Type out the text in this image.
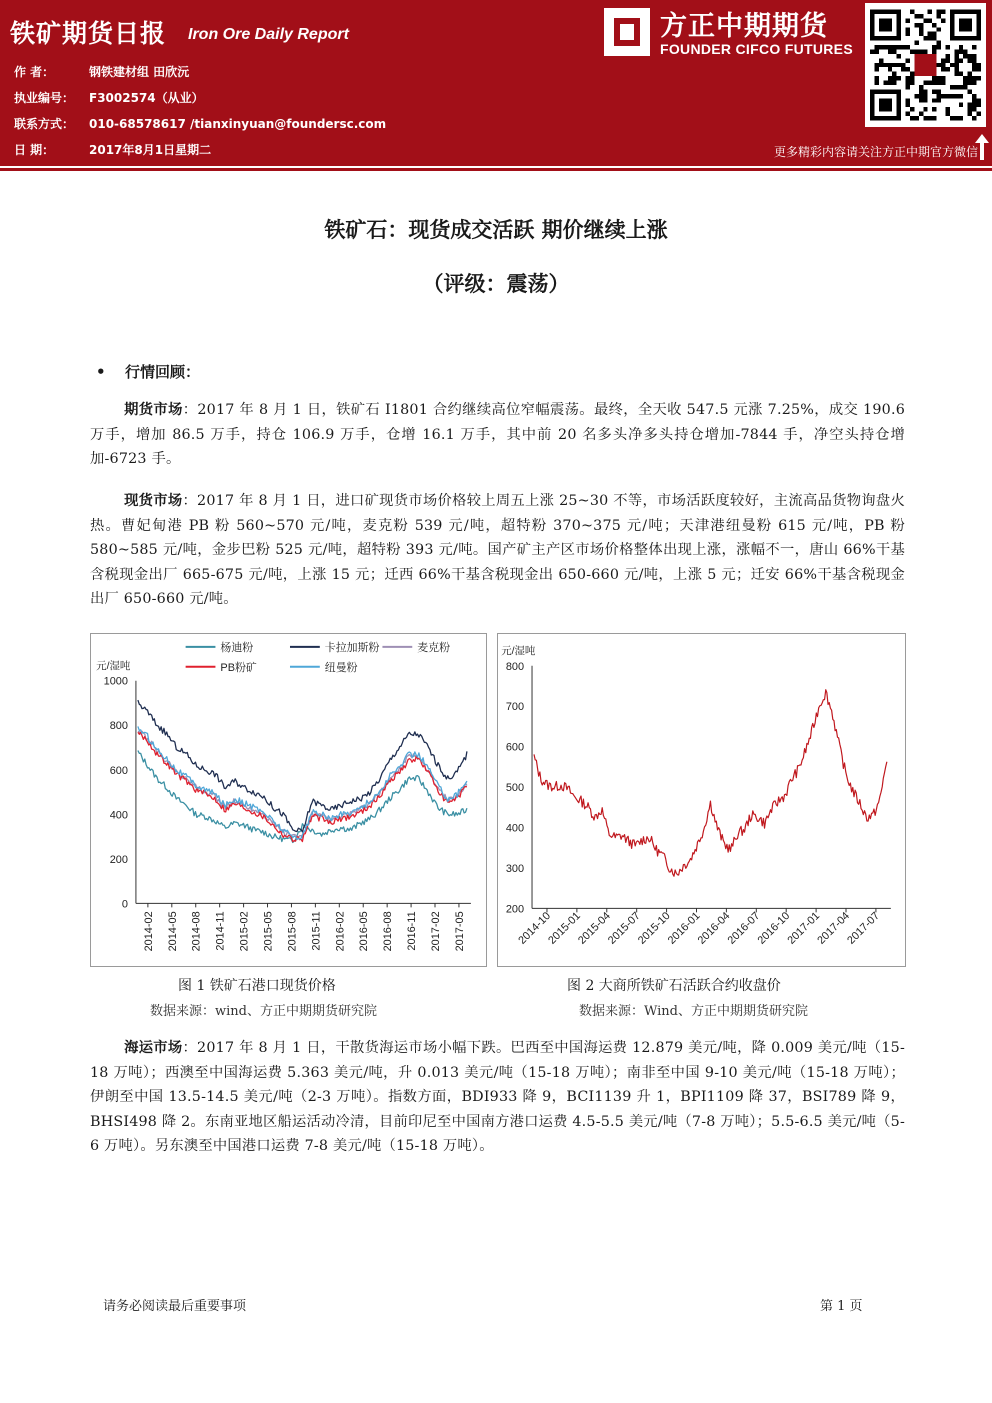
铁矿期货日报 Iron Ore Daily Report
作 者：	钢铁建材组 田欣沅
执业编号： F3002574（从业）
联系方式： 010-68578617 /tianxinyuan@foundersc.com
日 期：	2017年8月1日星期二
方正中期期货
FOUNDER CIFCO FUTURES
更多精彩内容请关注方正中期官方微信
铁矿石：现货成交活跃 期价继续上涨
（评级：震荡）
• 行情回顾：
期货市场：2017 年 8 月 1 日，铁矿石 I1801 合约继续高位窄幅震荡。最终，全天收 547.5 元涨 7.25%，成交 190.6 万手，增加 86.5 万手，持仓 106.9 万手，仓增 16.1 万手，其中前 20 名多头净多头持仓增加-7844 手，净空头持仓增加-6723 手。
现货市场：2017 年 8 月 1 日，进口矿现货市场价格较上周五上涨 25~30 不等，市场活跃度较好，主流高品货物询盘火热。曹妃甸港 PB 粉 560~570 元/吨，麦克粉 539 元/吨，超特粉 370~375 元/吨；天津港纽曼粉 615 元/吨，PB 粉 580~585 元/吨，金步巴粉 525 元/吨，超特粉 393 元/吨。国产矿主产区市场价格整体出现上涨，涨幅不一，唐山 66%干基含税现金出厂 665-675 元/吨，上涨 15 元；迁西 66%干基含税现金出 650-660 元/吨，上涨 5 元；迁安 66%干基含税现金出厂 650-660 元/吨。
元/湿吨
0
200
400
600
800
1000
2014-02 2014-05 2014-08 2014-11 2015-02 2015-05 2015-08 2015-11 2016-02 2016-05 2016-08 2016-11 2017-02 2017-05
杨迪粉	卡拉加斯粉	麦克粉
PB粉矿	纽曼粉
元/湿吨
200
300
400
500
600
700
800
2014-10
2015-01
2015-04
2015-07
2015-10
2016-01
2016-04
2016-07
2016-10
2017-01
2017-04
2017-07
图 1 铁矿石港口现货价格
数据来源：wind、方正中期期货研究院
图 2 大商所铁矿石活跃合约收盘价
数据来源：Wind、方正中期期货研究院
海运市场：2017 年 8 月 1 日，干散货海运市场小幅下跌。巴西至中国海运费 12.879 美元/吨，降 0.009 美元/吨（15-18 万吨）；西澳至中国海运费 5.363 美元/吨，升 0.013 美元/吨（15-18 万吨）；南非至中国 9-10 美元/吨（15-18 万吨）；伊朗至中国 13.5-14.5 美元/吨（2-3 万吨）。指数方面，BDI933 降 9，BCI1139 升 1，BPI1109 降 37，BSI789 降 9，BHSI498 降 2。东南亚地区船运活动冷清，目前印尼至中国南方港口运费 4.5-5.5 美元/吨（7-8 万吨）；5.5-6.5 美元/吨（5-6 万吨）。另东澳至中国港口运费 7-8 美元/吨（15-18 万吨）。
请务必阅读最后重要事项	第 1 页
